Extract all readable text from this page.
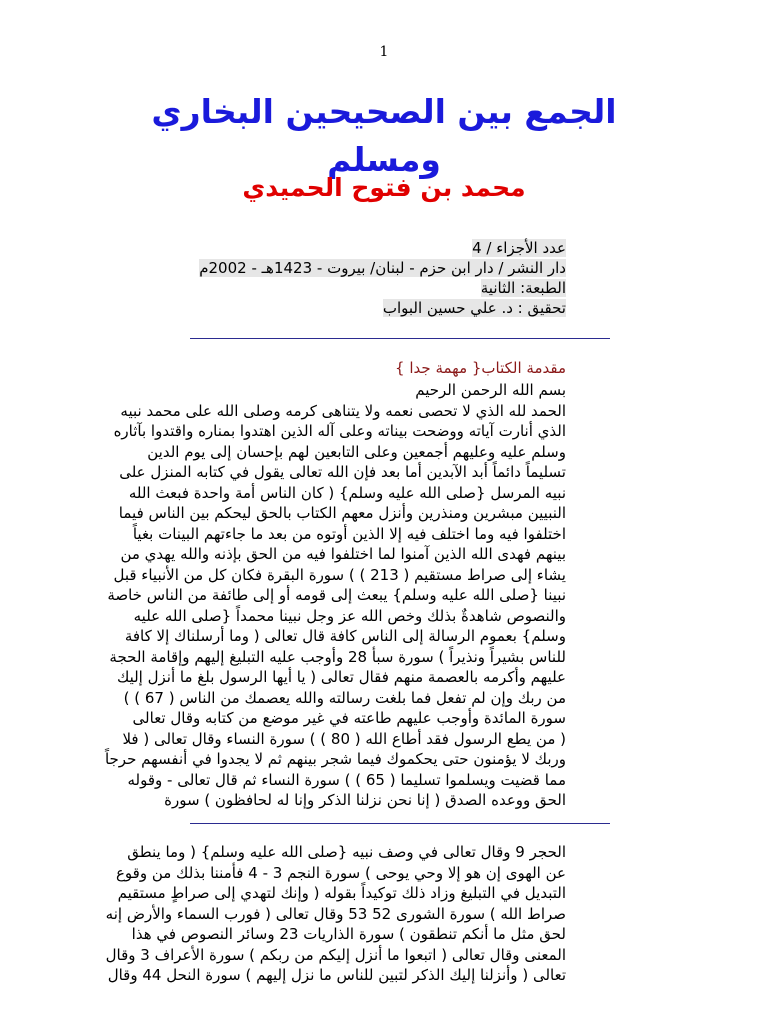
1
الجمع بين الصحيحين البخاري
ومسلم
محمد بن فتوح الحميدي
عدد الأجزاء / 4
دار النشر / دار ابن حزم - لبنان/ بيروت - 1423هـ - 2002م
الطبعة: الثانية
تحقيق : د. علي حسين البواب
مقدمة الكتاب{ مهمة جدا }
بسم الله الرحمن الرحيم
الحمد لله الذي لا تحصى نعمه ولا يتناهى كرمه وصلى الله على محمد نبيه
الذي أنارت آياته ووضحت بيناته وعلى آله الذين اهتدوا بمناره واقتدوا بآثاره
وسلم عليه وعليهم أجمعين وعلى التابعين لهم بإحسان إلى يوم الدين
تسليماً دائماً أبد الآبدين أما بعد فإن الله تعالى يقول في كتابه المنزل على
نبيه المرسل {صلى الله عليه وسلم} ( كان الناس أمة واحدة فبعث الله
النبيين مبشرين ومنذرين وأنزل معهم الكتاب بالحق ليحكم بين الناس فيما
اختلفوا فيه وما اختلف فيه إلا الذين أوتوه من بعد ما جاءتهم البينات بغياً
بينهم فهدى الله الذين آمنوا لما اختلفوا فيه من الحق بإذنه والله يهدي من
يشاء إلى صراط مستقيم ( 213 ) ) سورة البقرة فكان كل من الأنبياء قبل
نبينا {صلى الله عليه وسلم} يبعث إلى قومه أو إلى طائفة من الناس خاصة
والنصوص شاهدةٌ بذلك وخص الله عز وجل نبينا محمداً {صلى الله عليه
وسلم} بعموم الرسالة إلى الناس كافة قال تعالى ( وما أرسلناك إلا كافة
للناس بشيراً ونذيراً ) سورة سبأ 28 وأوجب عليه التبليغ إليهم وإقامة الحجة
عليهم وأكرمه بالعصمة منهم فقال تعالى ( يا أيها الرسول بلغ ما أنزل إليك
من ربك وإن لم تفعل فما بلغت رسالته والله يعصمك من الناس ( 67 ) )
سورة المائدة وأوجب عليهم طاعته في غير موضع من كتابه وقال تعالى
( من يطع الرسول فقد أطاع الله ( 80 ) ) سورة النساء وقال تعالى ( فلا
وربك لا يؤمنون حتى يحكموك فيما شجر بينهم ثم لا يجدوا في أنفسهم حرجاً
مما قضيت ويسلموا تسليما ( 65 ) ) سورة النساء ثم قال تعالى - وقوله
الحق ووعده الصدق ( إنا نحن نزلنا الذكر وإنا له لحافظون ) سورة
الحجر 9 وقال تعالى في وصف نبيه {صلى الله عليه وسلم} ( وما ينطق
عن الهوى إن هو إلا وحي يوحى ) سورة النجم 3 - 4 فأمننا بذلك من وقوع
التبديل في التبليغ وزاد ذلك توكيداً بقوله ( وإنك لتهدي إلى صراطٍ مستقيم
صراط الله ) سورة الشورى 52 53 وقال تعالى ( فورب السماء والأرض إنه
لحق مثل ما أنكم تنطقون ) سورة الذاريات 23 وسائر النصوص في هذا
المعنى وقال تعالى ( اتبعوا ما أنزل إليكم من ربكم ) سورة الأعراف 3 وقال
تعالى ( وأنزلنا إليك الذكر لتبين للناس ما نزل إليهم ) سورة النحل 44 وقال
